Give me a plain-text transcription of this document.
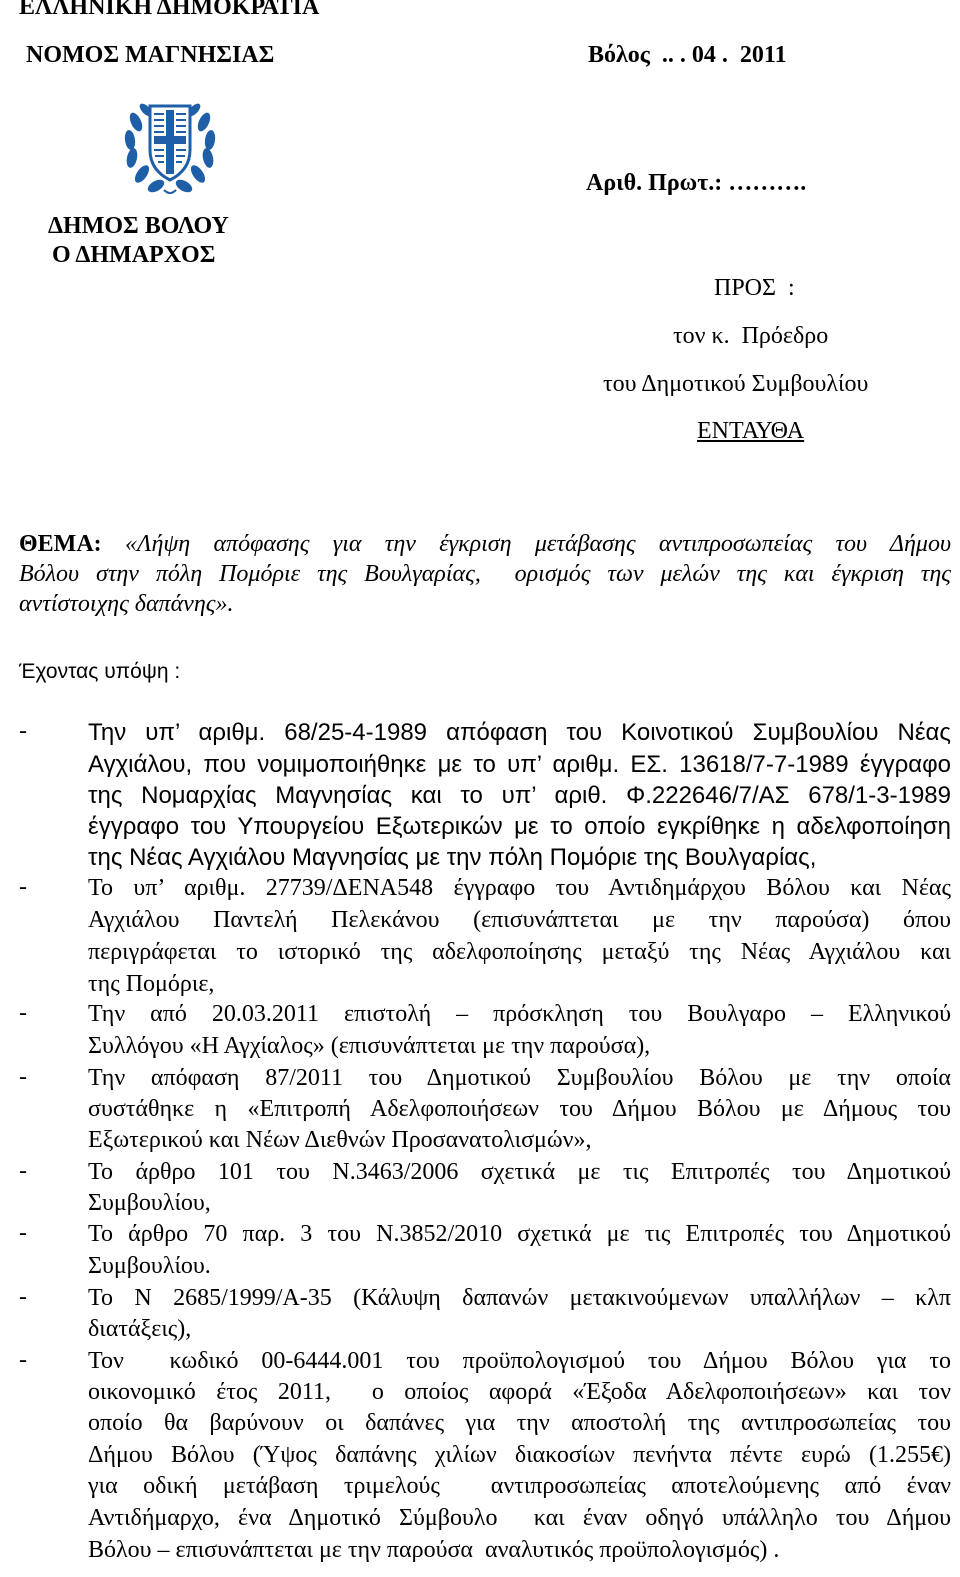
ΕΛΛΗΝΙΚΗ ΔΗΜΟΚΡΑΤΙΑ
ΝΟΜΟΣ ΜΑΓΝΗΣΙΑΣ	Βόλος  .. . 04 .  2011
Αριθ. Πρωτ.: ……….
ΔΗΜΟΣ ΒΟΛΟΥ
Ο ΔΗΜΑΡΧΟΣ
ΠΡΟΣ  :
τον κ.  Πρόεδρο
του Δημοτικού Συμβουλίου
ΕΝΤΑΥΘΑ
ΘΕΜΑ: «Λήψη απόφασης για την έγκριση μετάβασης αντιπροσωπείας του Δήμου
Βόλου στην πόλη Πομόριε της Βουλγαρίας,  ορισμός των μελών της και έγκριση της
αντίστοιχης δαπάνης».
Έχοντας υπόψη :
-	Την υπ’ αριθμ. 68/25-4-1989 απόφαση του Κοινοτικού Συμβουλίου Νέας
Αγχιάλου, που νομιμοποιήθηκε με το υπ’ αριθμ. ΕΣ. 13618/7-7-1989 έγγραφο
της Νομαρχίας Μαγνησίας και το υπ’ αριθ. Φ.222646/7/ΑΣ 678/1-3-1989
έγγραφο του Υπουργείου Εξωτερικών με το οποίο εγκρίθηκε η αδελφοποίηση
της Νέας Αγχιάλου Μαγνησίας με την πόλη Πομόριε της Βουλγαρίας,
-	Το υπ’ αριθμ. 27739/ΔΕΝΑ548 έγγραφο του Αντιδημάρχου Βόλου και Νέας
Αγχιάλου Παντελή Πελεκάνου (επισυνάπτεται με την παρούσα) όπου
περιγράφεται το ιστορικό της αδελφοποίησης μεταξύ της Νέας Αγχιάλου και
της Πομόριε,
-	Την από 20.03.2011 επιστολή – πρόσκληση του Βουλγαρο – Ελληνικού
Συλλόγου «Η Αγχίαλος» (επισυνάπτεται με την παρούσα),
-	Την απόφαση 87/2011 του Δημοτικού Συμβουλίου Βόλου με την οποία
συστάθηκε η «Επιτροπή Αδελφοποιήσεων του Δήμου Βόλου με Δήμους του
Εξωτερικού και Νέων Διεθνών Προσανατολισμών»,
-	Το άρθρο 101 του Ν.3463/2006 σχετικά με τις Επιτροπές του Δημοτικού
Συμβουλίου,
-	Το άρθρο 70 παρ. 3 του Ν.3852/2010 σχετικά με τις Επιτροπές του Δημοτικού
Συμβουλίου.
-	Το Ν 2685/1999/Α-35 (Κάλυψη δαπανών μετακινούμενων υπαλλήλων – κλπ
διατάξεις),
-	Τον  κωδικό 00-6444.001 του προϋπολογισμού του Δήμου Βόλου για το
οικονομικό έτος 2011,  ο οποίος αφορά «Έξοδα Αδελφοποιήσεων» και τον
οποίο θα βαρύνουν οι δαπάνες για την αποστολή της αντιπροσωπείας του
Δήμου Βόλου (Ύψος δαπάνης χιλίων διακοσίων πενήντα πέντε ευρώ (1.255€)
για οδική μετάβαση τριμελούς  αντιπροσωπείας αποτελούμενης από έναν
Αντιδήμαρχο, ένα Δημοτικό Σύμβουλο  και έναν οδηγό υπάλληλο του Δήμου
Βόλου – επισυνάπτεται με την παρούσα  αναλυτικός προϋπολογισμός) .
